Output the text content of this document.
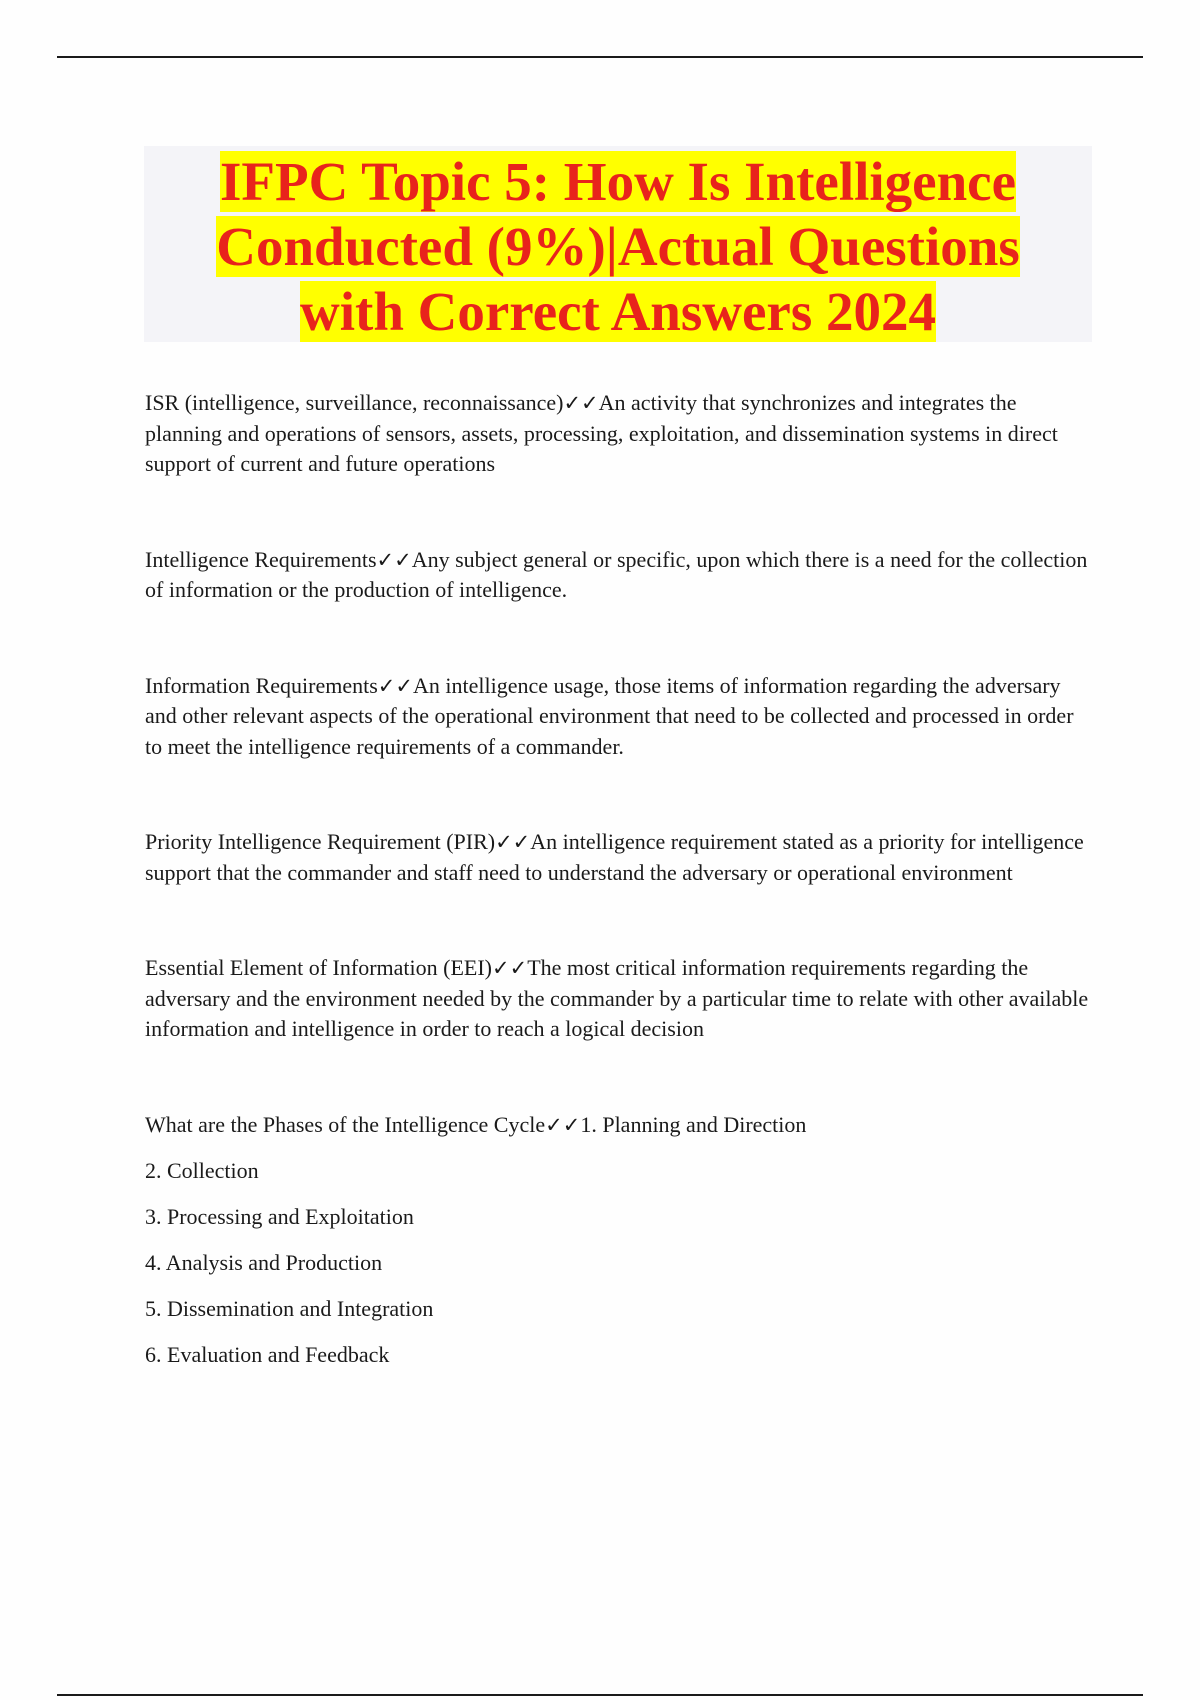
IFPC Topic 5: How Is Intelligence
Conducted (9%)|Actual Questions
with Correct Answers 2024

ISR (intelligence, surveillance, reconnaissance)✓✓An activity that synchronizes and integrates the planning and operations of sensors, assets, processing, exploitation, and dissemination systems in direct support of current and future operations

Intelligence Requirements✓✓Any subject general or specific, upon which there is a need for the collection of information or the production of intelligence.

Information Requirements✓✓An intelligence usage, those items of information regarding the adversary and other relevant aspects of the operational environment that need to be collected and processed in order to meet the intelligence requirements of a commander.

Priority Intelligence Requirement (PIR)✓✓An intelligence requirement stated as a priority for intelligence support that the commander and staff need to understand the adversary or operational environment

Essential Element of Information (EEI)✓✓The most critical information requirements regarding the adversary and the environment needed by the commander by a particular time to relate with other available information and intelligence in order to reach a logical decision

What are the Phases of the Intelligence Cycle✓✓1. Planning and Direction

2. Collection
3. Processing and Exploitation
4. Analysis and Production
5. Dissemination and Integration
6. Evaluation and Feedback
